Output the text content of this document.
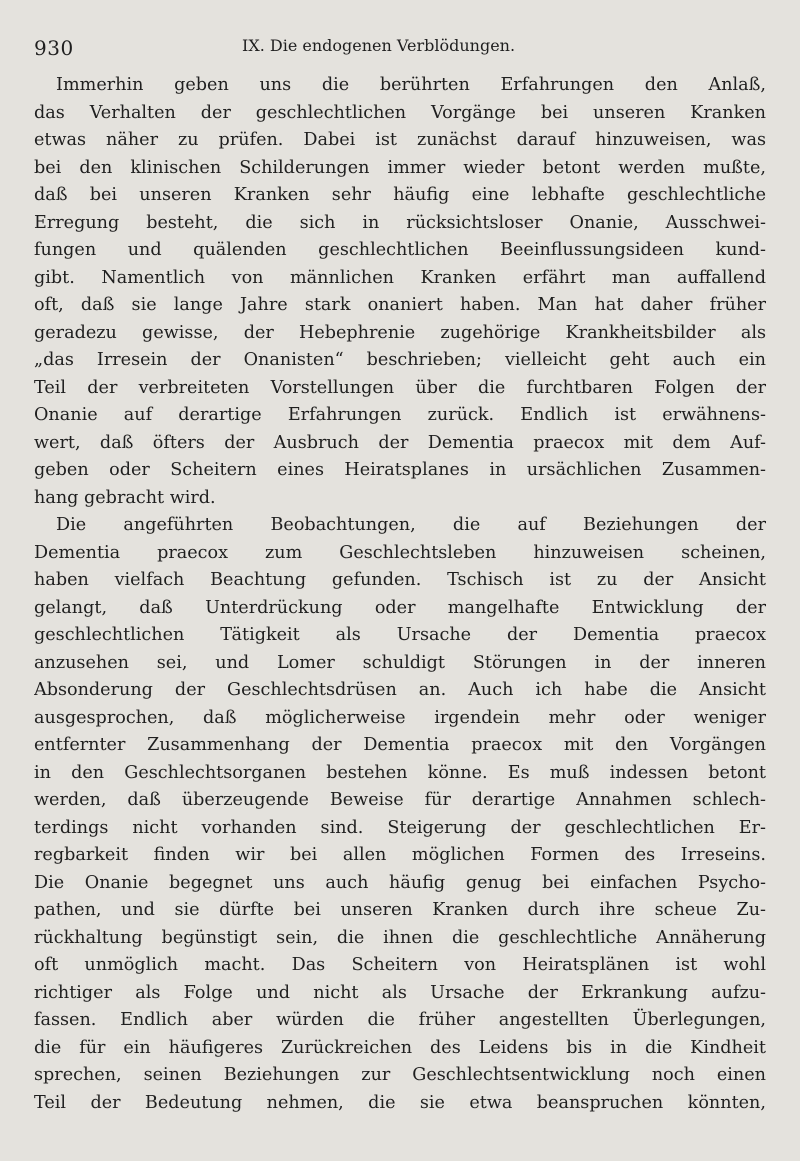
930	IX. Die endogenen Verblödungen.

Immerhin geben uns die berührten Erfahrungen den Anlaß,
das Verhalten der geschlechtlichen Vorgänge bei unseren Kranken
etwas näher zu prüfen. Dabei ist zunächst darauf hinzuweisen, was
bei den klinischen Schilderungen immer wieder betont werden mußte,
daß bei unseren Kranken sehr häufig eine lebhafte geschlechtliche
Erregung besteht, die sich in rücksichtsloser Onanie, Ausschwei-
fungen und quälenden geschlechtlichen Beeinflussungsideen kund-
gibt. Namentlich von männlichen Kranken erfährt man auffallend
oft, daß sie lange Jahre stark onaniert haben. Man hat daher früher
geradezu gewisse, der Hebephrenie zugehörige Krankheitsbilder als
„das Irresein der Onanisten“ beschrieben; vielleicht geht auch ein
Teil der verbreiteten Vorstellungen über die furchtbaren Folgen der
Onanie auf derartige Erfahrungen zurück. Endlich ist erwähnens-
wert, daß öfters der Ausbruch der Dementia praecox mit dem Auf-
geben oder Scheitern eines Heiratsplanes in ursächlichen Zusammen-
hang gebracht wird.

Die angeführten Beobachtungen, die auf Beziehungen der
Dementia praecox zum Geschlechtsleben hinzuweisen scheinen,
haben vielfach Beachtung gefunden. Tschisch ist zu der Ansicht
gelangt, daß Unterdrückung oder mangelhafte Entwicklung der
geschlechtlichen Tätigkeit als Ursache der Dementia praecox
anzusehen sei, und Lomer schuldigt Störungen in der inneren
Absonderung der Geschlechtsdrüsen an. Auch ich habe die Ansicht
ausgesprochen, daß möglicherweise irgendein mehr oder weniger
entfernter Zusammenhang der Dementia praecox mit den Vorgängen
in den Geschlechtsorganen bestehen könne. Es muß indessen betont
werden, daß überzeugende Beweise für derartige Annahmen schlech-
terdings nicht vorhanden sind. Steigerung der geschlechtlichen Er-
regbarkeit finden wir bei allen möglichen Formen des Irreseins.
Die Onanie begegnet uns auch häufig genug bei einfachen Psycho-
pathen, und sie dürfte bei unseren Kranken durch ihre scheue Zu-
rückhaltung begünstigt sein, die ihnen die geschlechtliche Annäherung
oft unmöglich macht. Das Scheitern von Heiratsplänen ist wohl
richtiger als Folge und nicht als Ursache der Erkrankung aufzu-
fassen. Endlich aber würden die früher angestellten Überlegungen,
die für ein häufigeres Zurückreichen des Leidens bis in die Kindheit
sprechen, seinen Beziehungen zur Geschlechtsentwicklung noch einen
Teil der Bedeutung nehmen, die sie etwa beanspruchen könnten,
